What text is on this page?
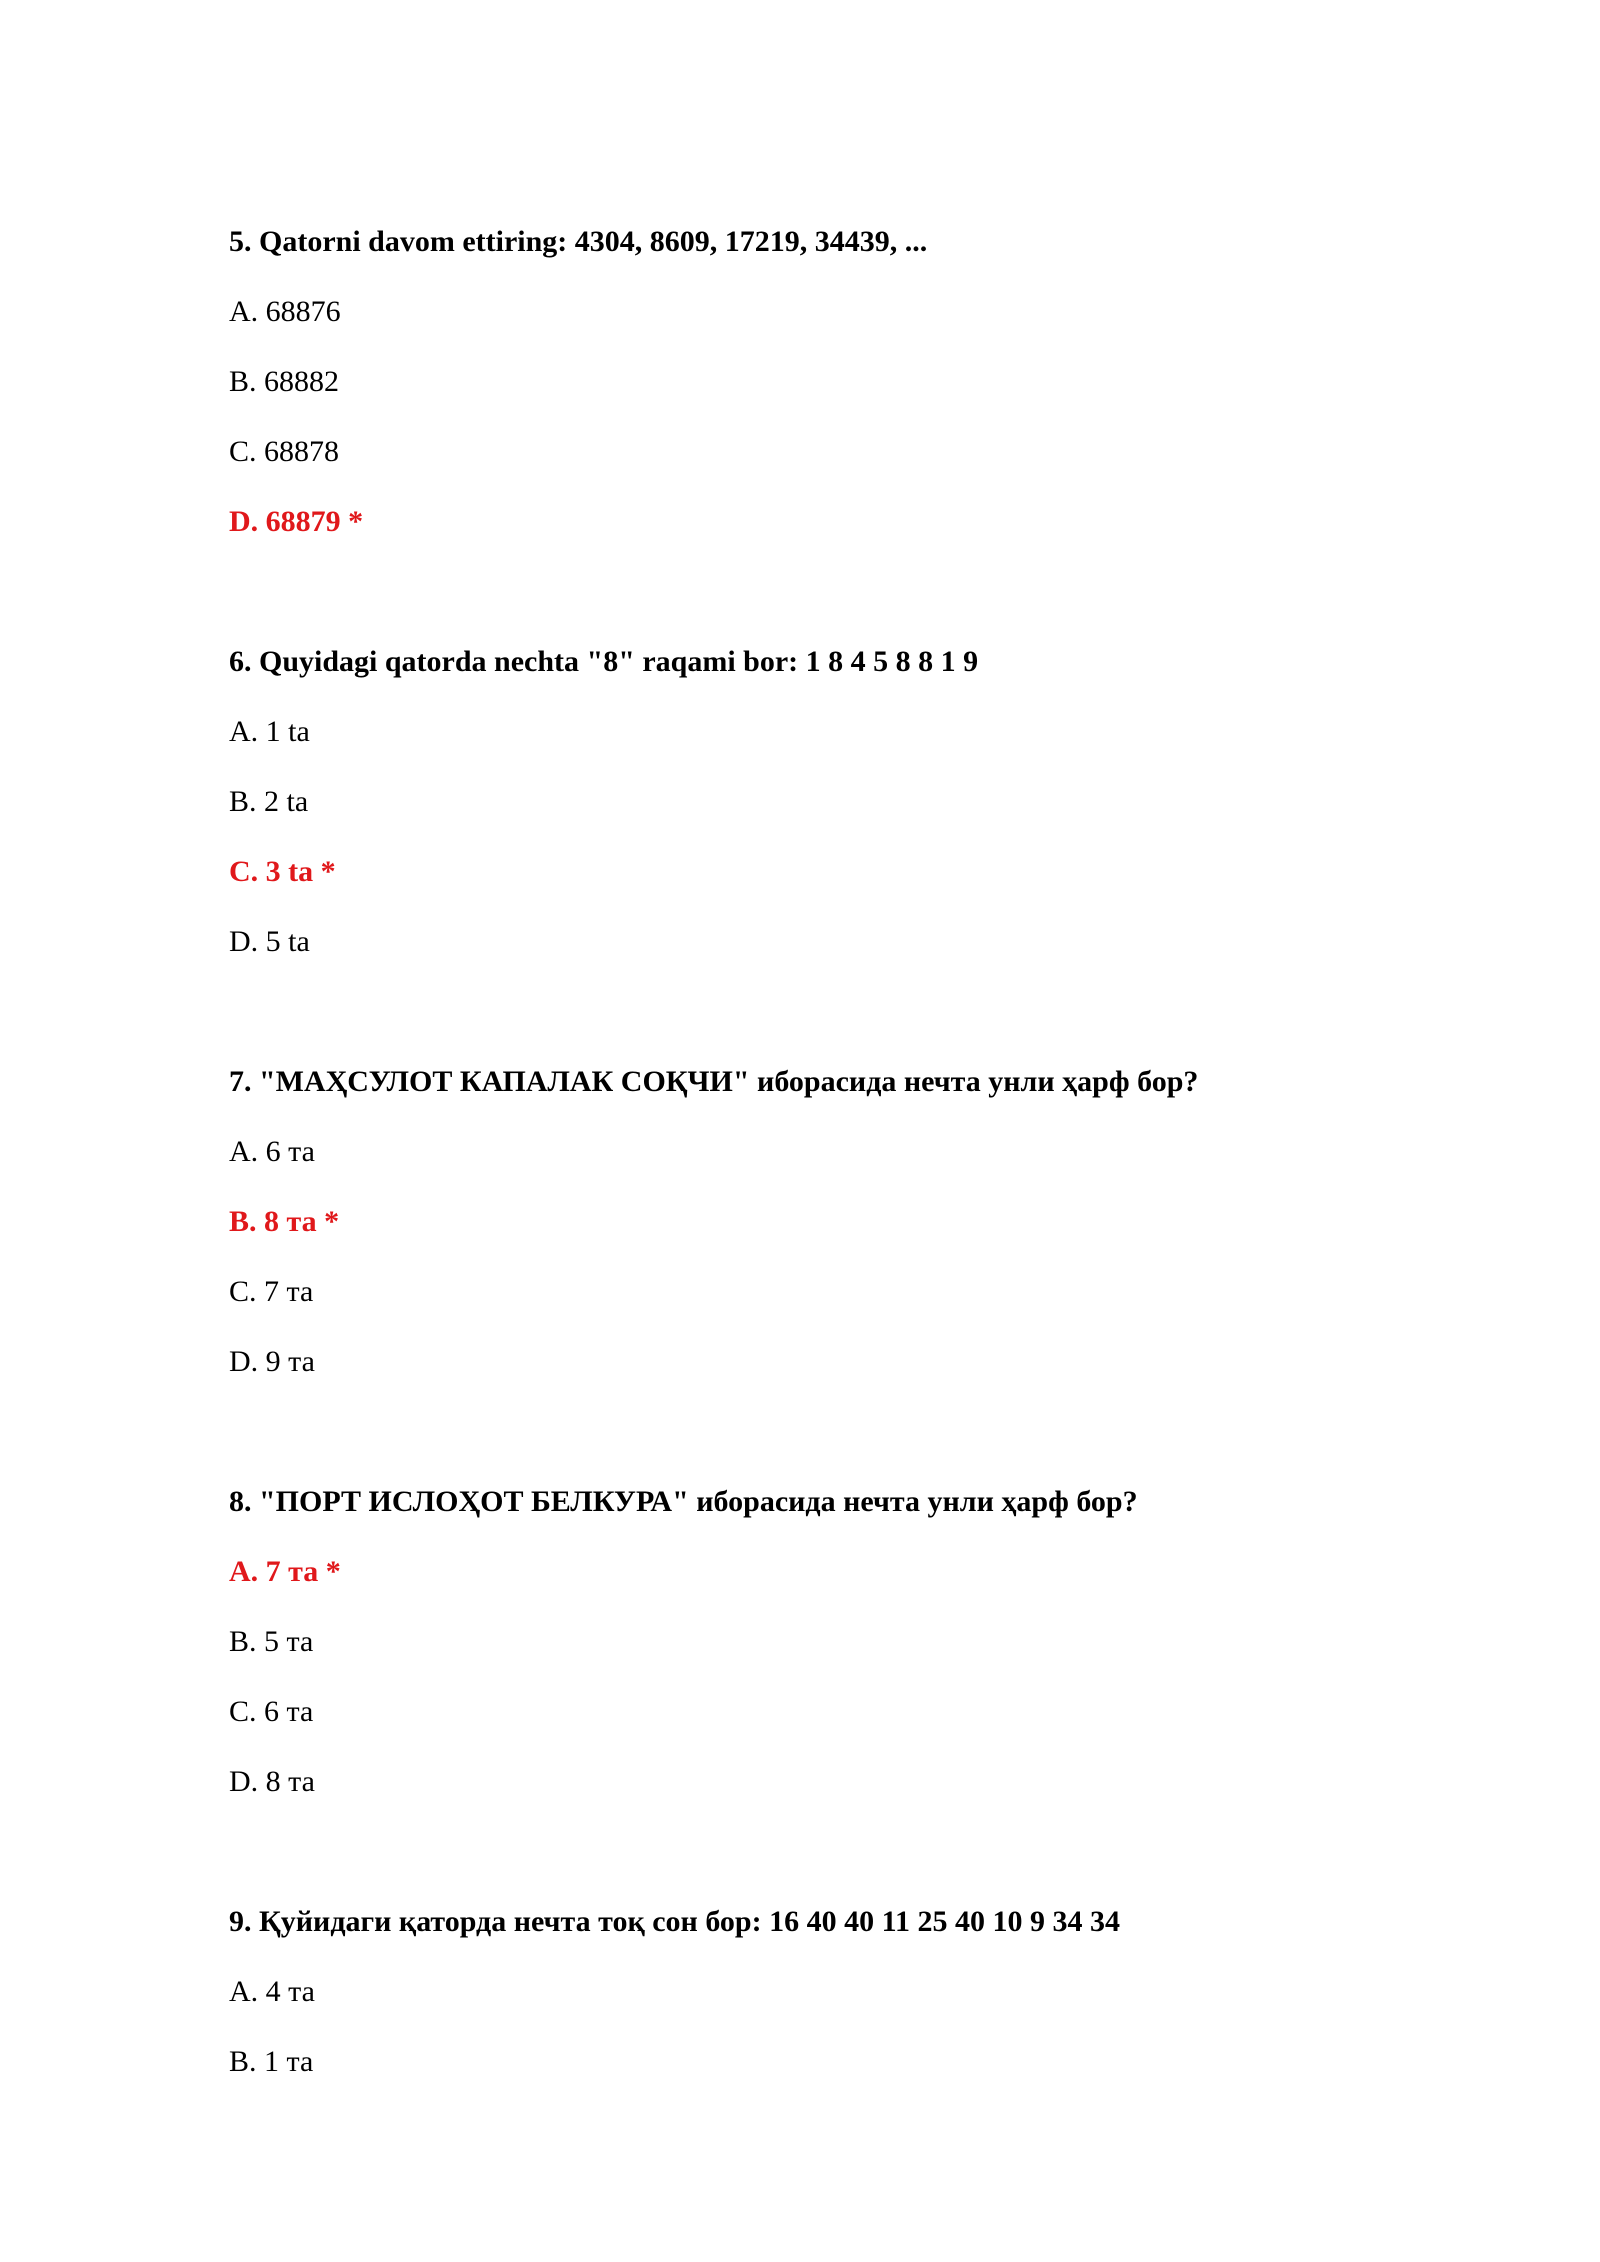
5. Qatorni davom ettiring: 4304, 8609, 17219, 34439, ...
A. 68876
B. 68882
C. 68878
D. 68879 *
6. Quyidagi qatorda nechta "8" raqami bor: 1 8 4 5 8 8 1 9
A. 1 ta
B. 2 ta
C. 3 ta *
D. 5 ta
7. "МАҲСУЛОТ КАПАЛАК СОҚЧИ" иборасида нечта унли ҳарф бор?
A. 6 та
B. 8 та *
C. 7 та
D. 9 та
8. "ПОРТ ИСЛОҲОТ БЕЛКУРА" иборасида нечта унли ҳарф бор?
A. 7 та *
B. 5 та
C. 6 та
D. 8 та
9. Қуйидаги қаторда нечта тоқ сон бор: 16 40 40 11 25 40 10 9 34 34
A. 4 та
B. 1 та
